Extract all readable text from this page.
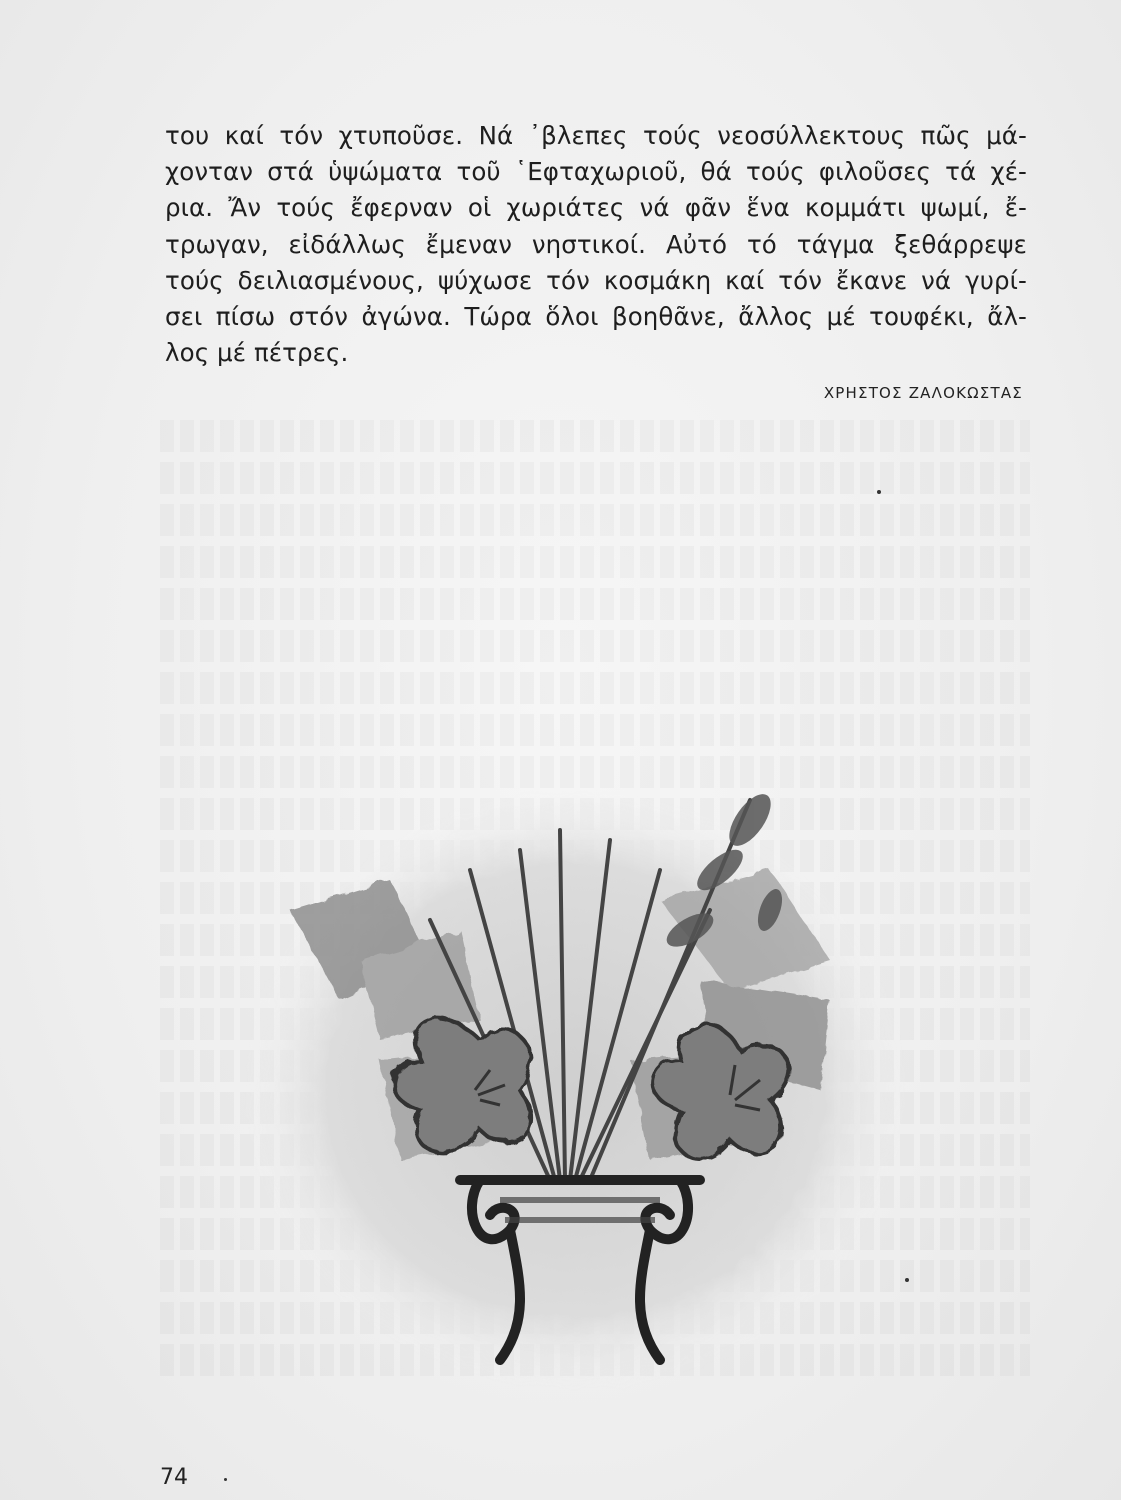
του καί τόν χτυποῦσε. Νά ᾿βλεπες τούς νεοσύλλεκτους πῶς μά-
χονταν στά ὑψώματα τοῦ ῾Εφταχωριοῦ, θά τούς φιλοῦσες τά χέ-
ρια. Ἄν τούς ἔφερναν οἱ χωριάτες νά φᾶν ἕνα κομμάτι ψωμί, ἔ-
τρωγαν, εἰδάλλως ἔμεναν νηστικοί. Αὐτό τό τάγμα ξεθάρρεψε
τούς δειλιασμένους, ψύχωσε τόν κοσμάκη καί τόν ἔκανε νά γυρί-
σει πίσω στόν ἀγώνα. Τώρα ὅλοι βοηθᾶνε, ἄλλος μέ τουφέκι, ἄλ-
λος μέ πέτρες.
ΧΡΗΣΤΟΣ ΖΑΛΟΚΩΣΤΑΣ
74
